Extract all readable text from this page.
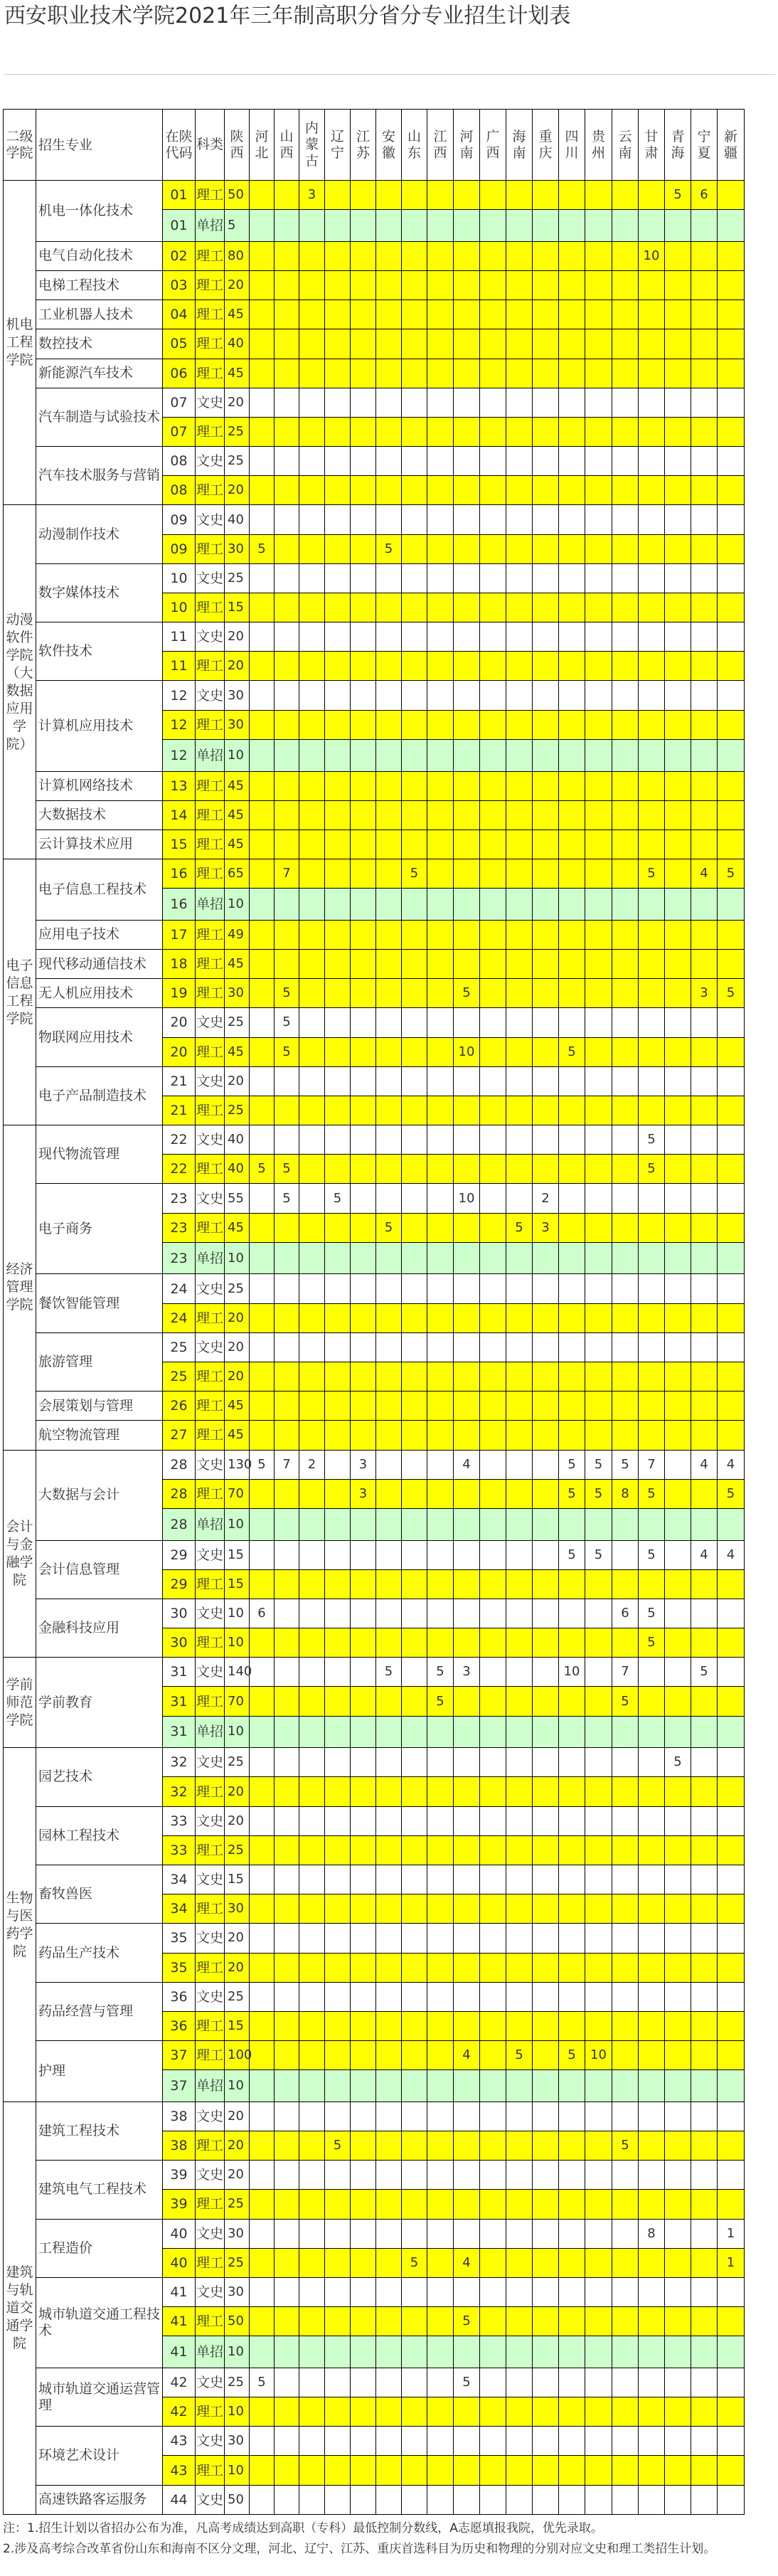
西安职业技术学院2021年三年制高职分省分专业招生计划表
二级学院	招生专业	在陕代码	科类	陕西	河北	山西	内蒙古	辽宁	江苏	安徽	山东	江西	河南	广西	海南	重庆	四川	贵州	云南	甘肃	青海	宁夏	新疆
机电工程学院	机电一体化技术	01	理工	50			3														5	6	
		01	单招	5																			
	电气自动化技术	02	理工	80																10			
	电梯工程技术	03	理工	20																			
	工业机器人技术	04	理工	45																			
	数控技术	05	理工	40																			
	新能源汽车技术	06	理工	45																			
	汽车制造与试验技术	07	文史	20																			
		07	理工	25																			
	汽车技术服务与营销	08	文史	25																			
		08	理工	20																			
动漫软件学院（大数据应用学院）	动漫制作技术	09	文史	40																			
		09	理工	30	5					5													
	数字媒体技术	10	文史	25																			
		10	理工	15																			
	软件技术	11	文史	20																			
		11	理工	20																			
	计算机应用技术	12	文史	30																			
		12	理工	30																			
		12	单招	10																			
	计算机网络技术	13	理工	45																			
	大数据技术	14	理工	45																			
	云计算技术应用	15	理工	45																			
电子信息工程学院	电子信息工程技术	16	理工	65		7					5									5		4	5
		16	单招	10																			
	应用电子技术	17	理工	49																			
	现代移动通信技术	18	理工	45																			
	无人机应用技术	19	理工	30		5							5									3	5
	物联网应用技术	20	文史	25		5																	
		20	理工	45		5							10				5						
	电子产品制造技术	21	文史	20																			
		21	理工	25																			
经济管理学院	现代物流管理	22	文史	40																5			
		22	理工	40	5	5														5			
	电子商务	23	文史	55		5		5					10			2							
		23	理工	45						5					5	3							
		23	单招	10																			
	餐饮智能管理	24	文史	25																			
		24	理工	20																			
	旅游管理	25	文史	20																			
		25	理工	20																			
	会展策划与管理	26	理工	45																			
	航空物流管理	27	理工	45																			
会计与金融学院	大数据与会计	28	文史	130	5	7	2		3				4				5	5	5	7		4	4
		28	理工	70					3								5	5	8	5			5
		28	单招	10																			
	会计信息管理	29	文史	15													5	5		5		4	4
		29	理工	15																			
	金融科技应用	30	文史	10	6														6	5			
		30	理工	10																5			
学前师范学院	学前教育	31	文史	140						5		5	3				10		7			5	
		31	理工	70								5							5				
		31	单招	10																			
生物与医药学院	园艺技术	32	文史	25																	5		
		32	理工	20																			
	园林工程技术	33	文史	20																			
		33	理工	25																			
	畜牧兽医	34	文史	15																			
		34	理工	30																			
	药品生产技术	35	文史	20																			
		35	理工	20																			
	药品经营与管理	36	文史	25																			
		36	理工	15																			
	护理	37	理工	100									4		5		5	10					
		37	单招	10																			
建筑与轨道交通学院	建筑工程技术	38	文史	20																			
		38	理工	20				5											5				
	建筑电气工程技术	39	文史	20																			
		39	理工	25																			
	工程造价	40	文史	30																8			1
		40	理工	25							5		4										1
	城市轨道交通工程技术	41	文史	30																			
		41	理工	50									5										
		41	单招	10																			
	城市轨道交通运营管理	42	文史	25	5								5										
		42	理工	10																			
	环境艺术设计	43	文史	30																			
		43	理工	10																			
	高速铁路客运服务	44	文史	50																			
注：1.招生计划以省招办公布为准，凡高考成绩达到高职（专科）最低控制分数线，A志愿填报我院，优先录取。
2.涉及高考综合改革省份山东和海南不区分文理，河北、辽宁、江苏、重庆首选科目为历史和物理的分别对应文史和理工类招生计划。
